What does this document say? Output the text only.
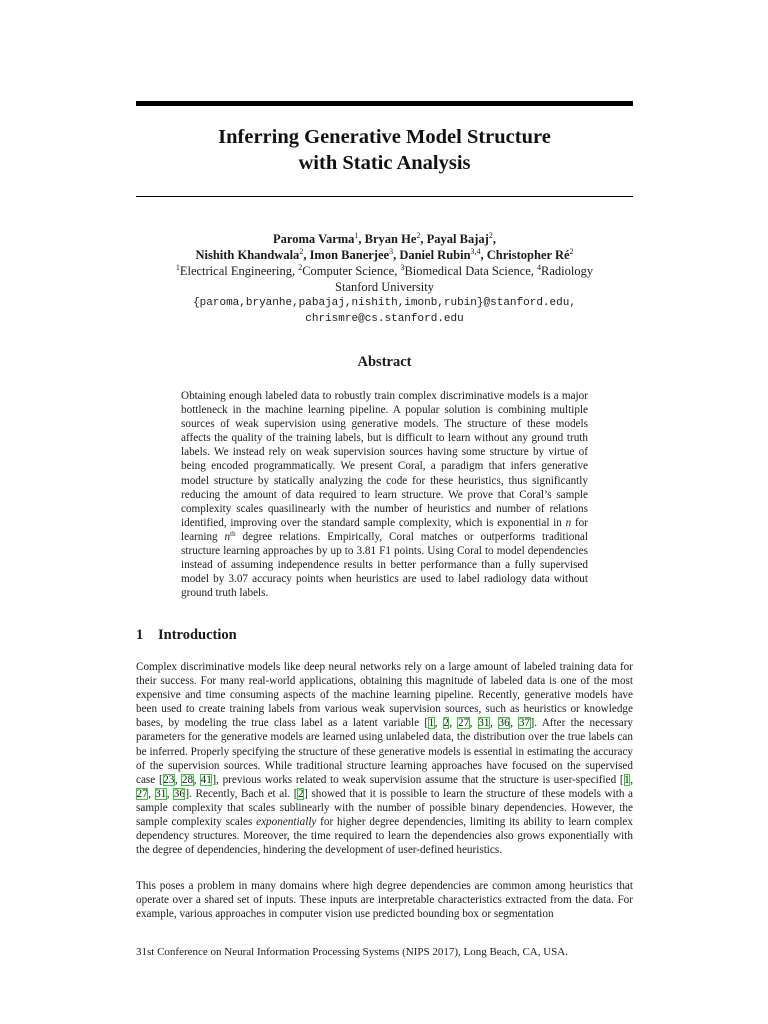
Inferring Generative Model Structure
with Static Analysis
Paroma Varma$^1$, Bryan He$^2$, Payal Bajaj$^2$,
Nishith Khandwala$^2$, Imon Banerjee$^3$, Daniel Rubin$^{3,4}$, Christopher $Ré^2$
$^1$Electrical Engineering, $^2$Computer Science, $^3$Biomedical Data Science, $^4$Radiology
Stanford University
{paroma,bryanhe,pabajaj,nishith,imonb,rubin}@stanford.edu,
chrismre@cs.stanford.edu
Abstract

Obtaining enough labeled data to robustly train complex discriminative models is a major bottleneck in the machine learning pipeline. A popular solution is combining multiple sources of weak supervision using generative models. The structure of these models affects the quality of the training labels, but is difficult to learn without any ground truth labels. We instead rely on weak supervision sources having some structure by virtue of being encoded programmatically. We present Coral, a paradigm that infers generative model structure by statically analyzing the code for these heuristics, thus significantly reducing the amount of data required to learn structure. We prove that Coral’s sample complexity scales quasilinearly with the number of heuristics and number of relations identified, improving over the standard sample complexity, which is exponential in n for learning $n^{th}$ degree relations. Empirically, Coral matches or outperforms traditional structure learning approaches by up to 3.81 F1 points. Using Coral to model dependencies instead of assuming independence results in better performance than a fully supervised model by 3.07 accuracy points when heuristics are used to label radiology data without ground truth labels.

1 Introduction

Complex discriminative models like deep neural networks rely on a large amount of labeled training data for their success. For many real-world applications, obtaining this magnitude of labeled data is one of the most expensive and time consuming aspects of the machine learning pipeline. Recently, generative models have been used to create training labels from various weak supervision sources, such as heuristics or knowledge bases, by modeling the true class label as a latent variable [1, 2, 27, 31, 36, 37]. After the necessary parameters for the generative models are learned using unlabeled data, the distribution over the true labels can be inferred. Properly specifying the structure of these generative models is essential in estimating the accuracy of the supervision sources. While traditional structure learning approaches have focused on the supervised case [23, 28, 41], previous works related to weak supervision assume that the structure is user-specified [1, 27, 31, 36]. Recently, Bach et al. [2] showed that it is possible to learn the structure of these models with a sample complexity that scales sublinearly with the number of possible binary dependencies. However, the sample complexity scales exponentially for higher degree dependencies, limiting its ability to learn complex dependency structures. Moreover, the time required to learn the dependencies also grows exponentially with the degree of dependencies, hindering the development of user-defined heuristics.

This poses a problem in many domains where high degree dependencies are common among heuristics that operate over a shared set of inputs. These inputs are interpretable characteristics extracted from the data. For example, various approaches in computer vision use predicted bounding box or segmentation

31st Conference on Neural Information Processing Systems (NIPS 2017), Long Beach, CA, USA.
